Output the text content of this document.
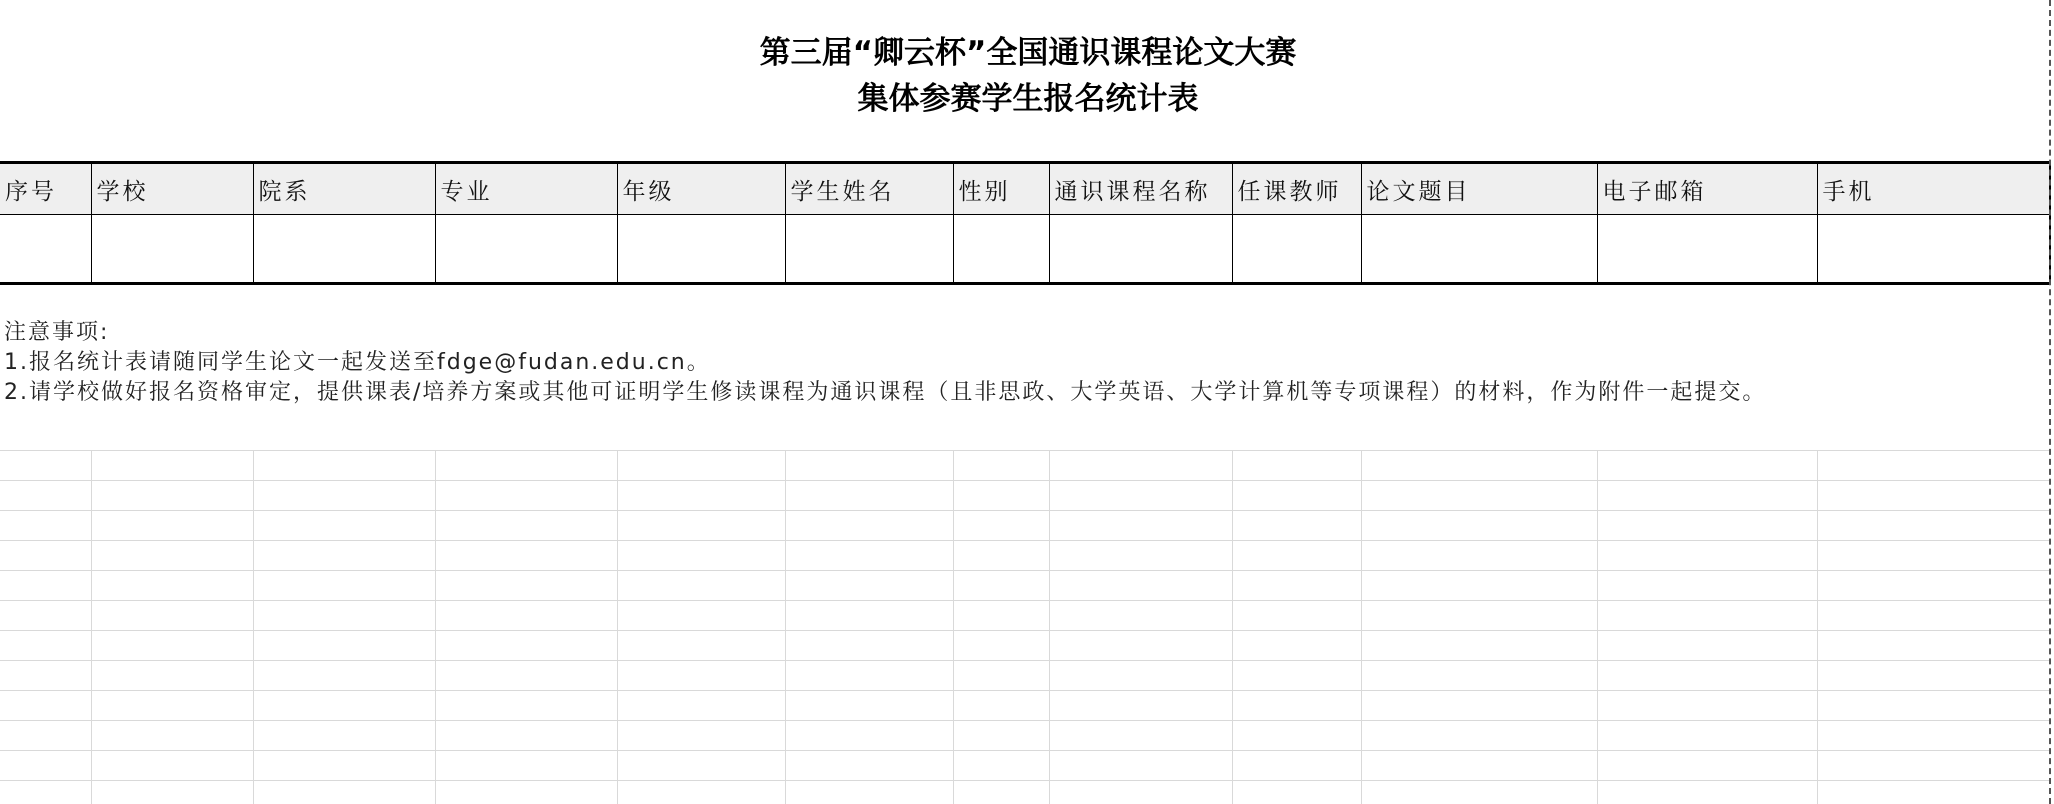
第三届“卿云杯”全国通识课程论文大赛
集体参赛学生报名统计表
序号	学校	院系	专业	年级	学生姓名	性别	通识课程名称	任课教师	论文题目	电子邮箱	手机

注意事项:
1.报名统计表请随同学生论文一起发送至fdge@fudan.edu.cn。
2.请学校做好报名资格审定，提供课表/培养方案或其他可证明学生修读课程为通识课程（且非思政、大学英语、大学计算机等专项课程）的材料，作为附件一起提交。
